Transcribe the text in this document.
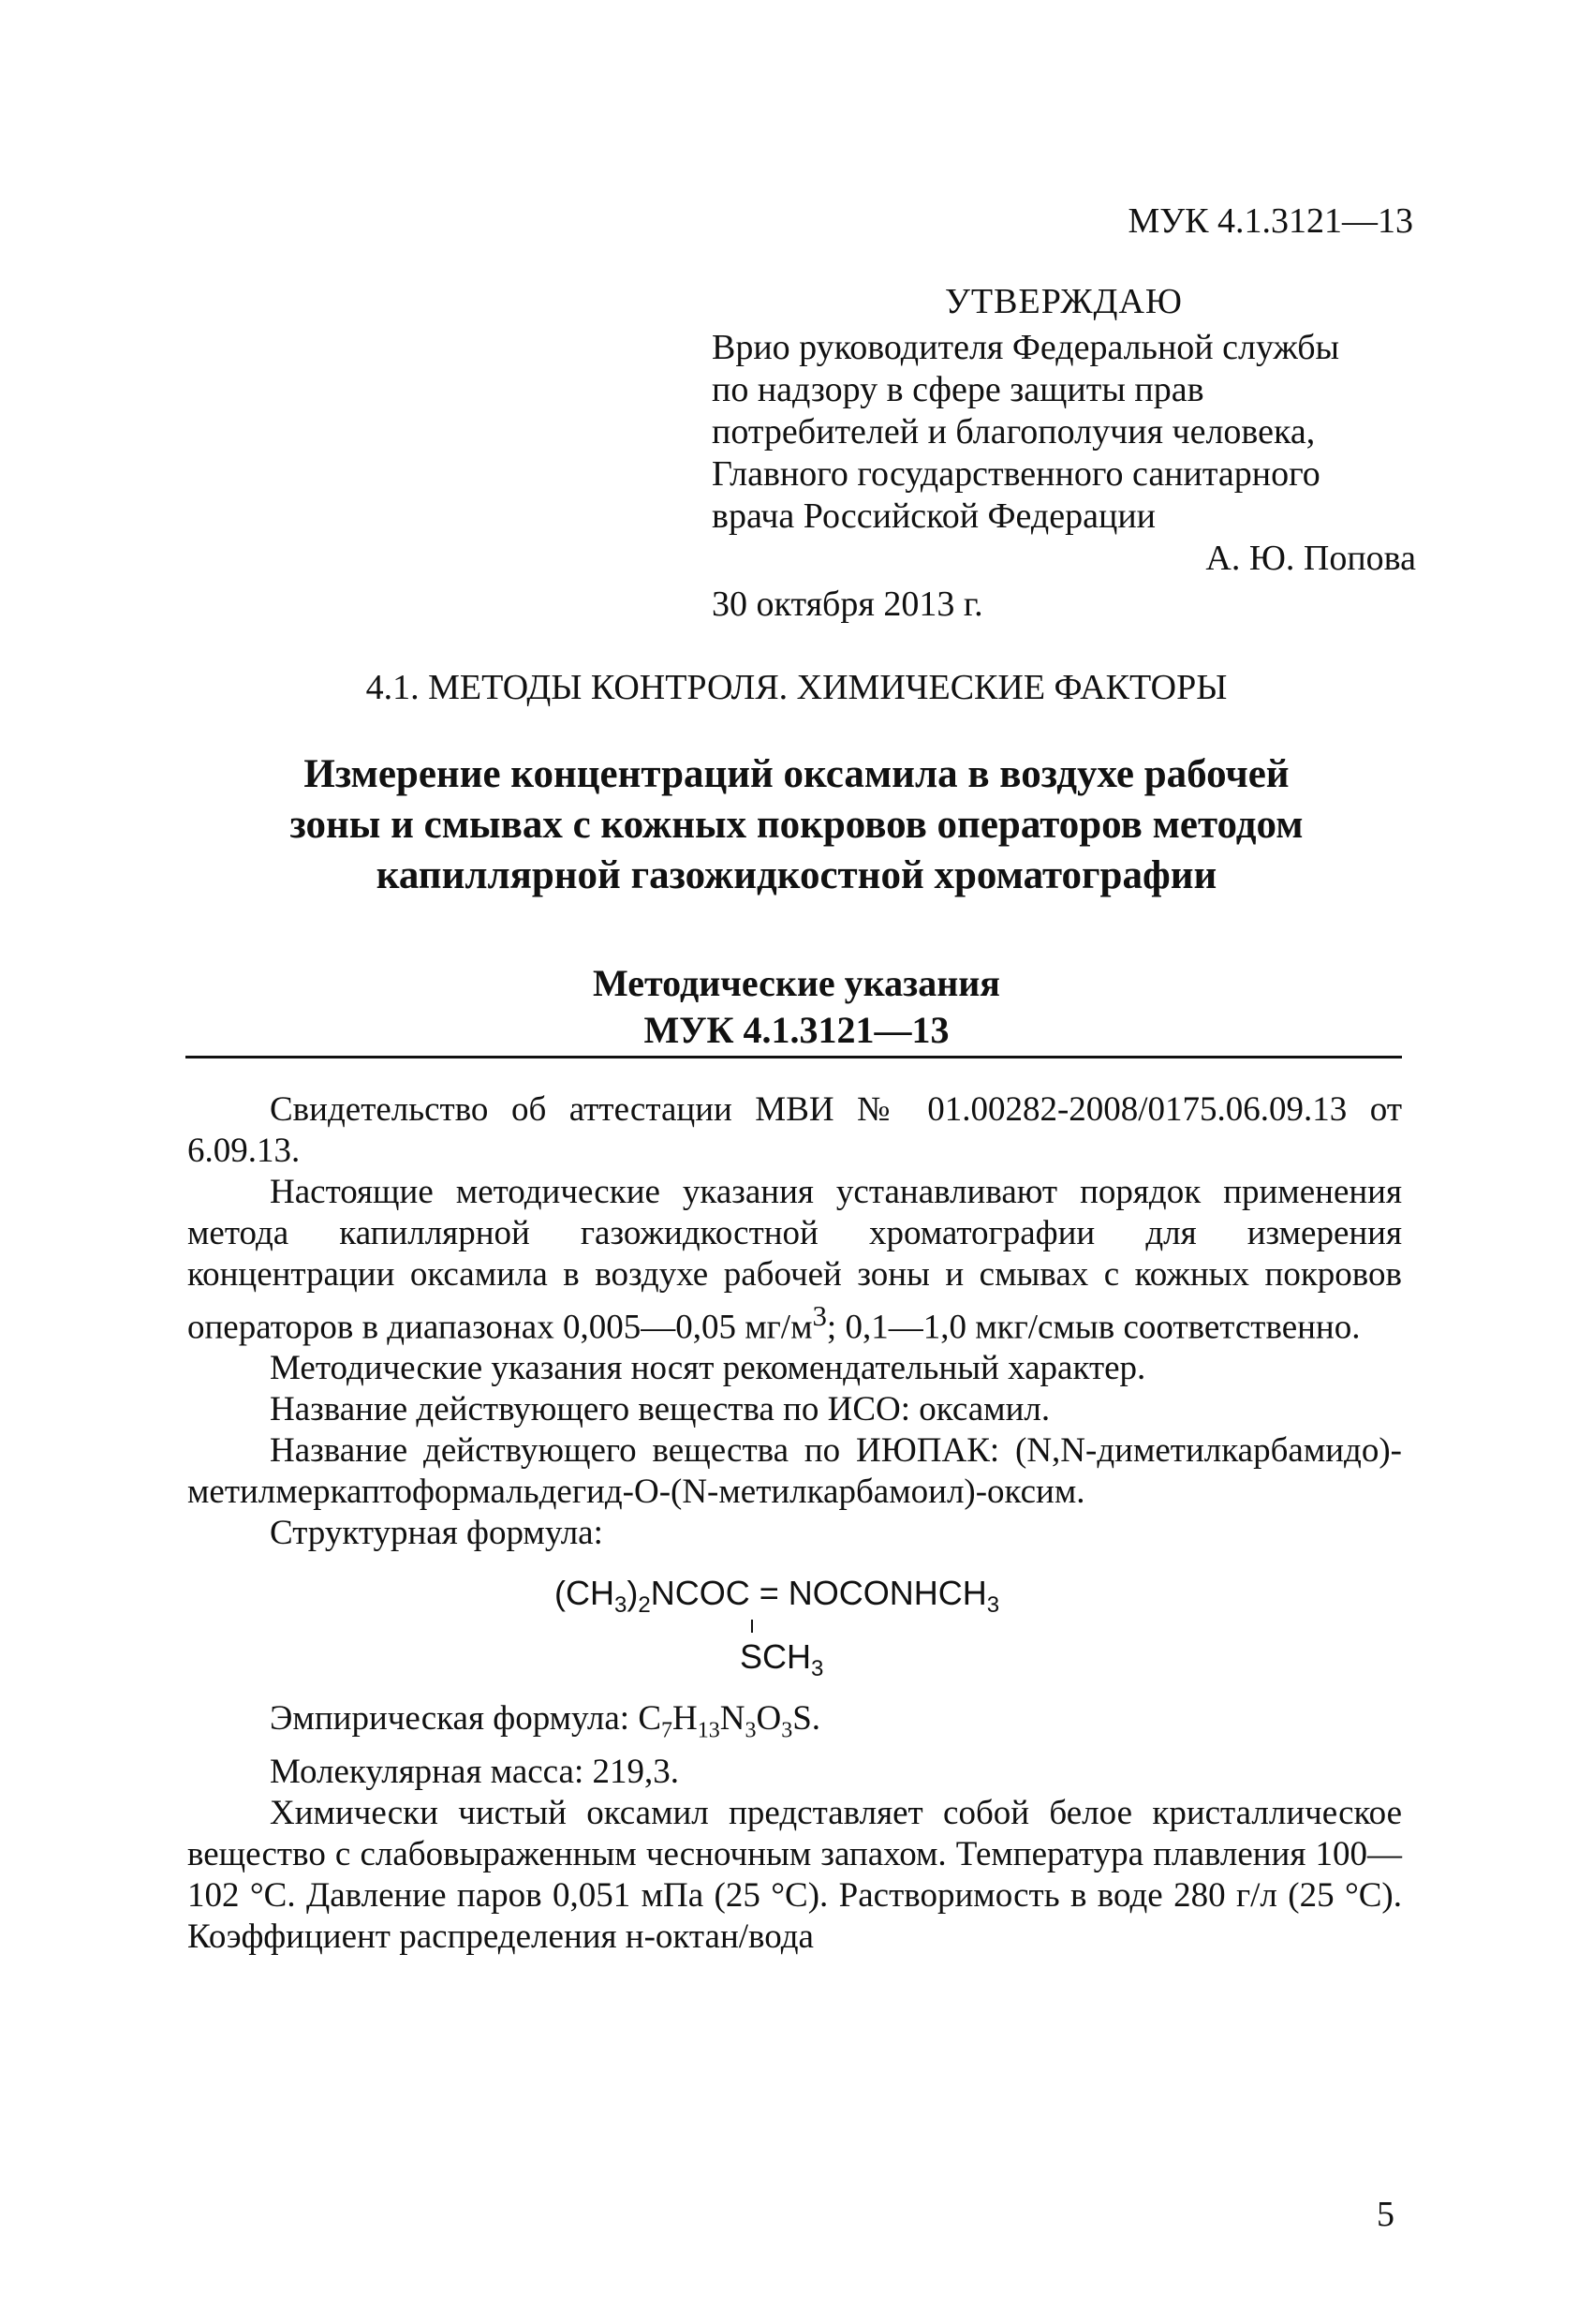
МУК 4.1.3121—13
УТВЕРЖДАЮ
Врио руководителя Федеральной службы
по надзору в сфере защиты прав
потребителей и благополучия человека,
Главного государственного санитарного
врача Российской Федерации
А. Ю. Попова
30 октября 2013 г.
4.1. МЕТОДЫ КОНТРОЛЯ. ХИМИЧЕСКИЕ ФАКТОРЫ
Измерение концентраций оксамила в воздухе рабочей
зоны и смывах с кожных покровов операторов методом
капиллярной газожидкостной хроматографии
Методические указания
МУК 4.1.3121—13

Свидетельство об аттестации МВИ № 01.00282-2008/0175.06.09.13 от 6.09.13.

Настоящие методические указания устанавливают порядок применения метода капиллярной газожидкостной хроматографии для измерения концентрации оксамила в воздухе рабочей зоны и смывах с кожных покровов операторов в диапазонах 0,005—0,05 $мг/м^3$; 0,1—1,0 мкг/смыв соответственно.

Методические указания носят рекомендательный характер.

Название действующего вещества по ИСО: оксамил.

Название действующего вещества по ИЮПАК: (N,N-диметилкарбамидо)-метилмеркаптоформальдегид-О-(N-метилкарбамоил)-оксим.

Структурная формула:

$(CH_3)_2NCOC$ = $NOCONHCH_3$
$SCH_3$

Эмпирическая формула: $C_7H_{13}N_3O_3S$.

Молекулярная масса: 219,3.

Химически чистый оксамил представляет собой белое кристаллическое вещество с слабовыраженным чесночным запахом. Температура плавления 100—102 °С. Давление паров 0,051 мПа (25 °С). Растворимость в воде 280 г/л (25 °С). Коэффициент распределения н-октан/вода

5
